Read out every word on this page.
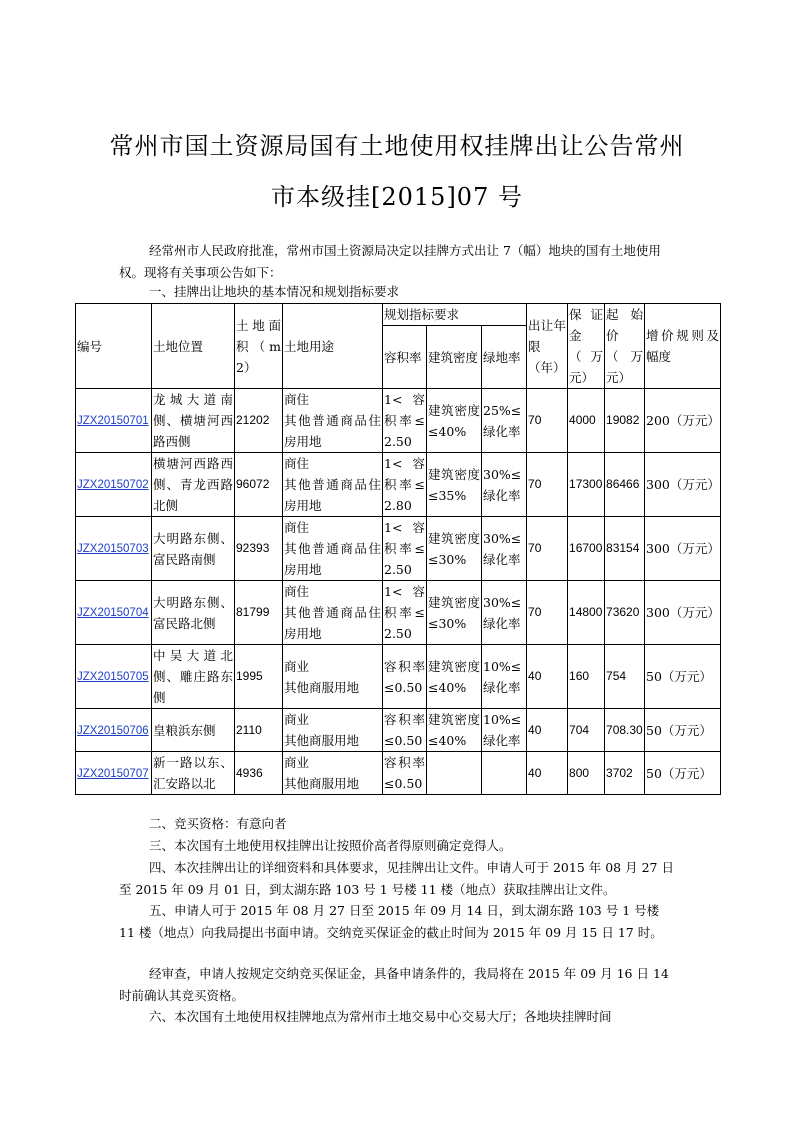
常州市国土资源局国有土地使用权挂牌出让公告常州
市本级挂[2015]07 号
经常州市人民政府批准，常州市国土资源局决定以挂牌方式出让 7（幅）地块的国有土地使用权。现将有关事项公告如下：
一、挂牌出让地块的基本情况和规划指标要求
编号	土地位置	土地面积（m2）	土地用途	规划指标要求			出让年限（年）	保证金（万元）	起始价（万元）	增价规则及幅度
				容积率	建筑密度	绿地率				
JZX20150701	龙城大道南侧、横塘河西路西侧	21202	商住
其他普通商品住房用地	1<容积率≤2.50	建筑密度≤40%	25%≤绿化率	70	4000	19082	200（万元）
JZX20150702	横塘河西路西侧、青龙西路北侧	96072	商住
其他普通商品住房用地	1<容积率≤2.80	建筑密度≤35%	30%≤绿化率	70	17300	86466	300（万元）
JZX20150703	大明路东侧、富民路南侧	92393	商住
其他普通商品住房用地	1<容积率≤2.50	建筑密度≤30%	30%≤绿化率	70	16700	83154	300（万元）
JZX20150704	大明路东侧、富民路北侧	81799	商住
其他普通商品住房用地	1<容积率≤2.50	建筑密度≤30%	30%≤绿化率	70	14800	73620	300（万元）
JZX20150705	中吴大道北侧、雕庄路东侧	1995	商业
其他商服用地	容积率≤0.50	建筑密度≤40%	10%≤绿化率	40	160	754	50（万元）
JZX20150706	皇粮浜东侧	2110	商业
其他商服用地	容积率≤0.50	建筑密度≤40%	10%≤绿化率	40	704	708.30	50（万元）
JZX20150707	新一路以东、汇安路以北	4936	商业
其他商服用地	容积率≤0.50			40	800	3702	50（万元）
二、竞买资格：有意向者
三、本次国有土地使用权挂牌出让按照价高者得原则确定竞得人。
四、本次挂牌出让的详细资料和具体要求，见挂牌出让文件。申请人可于 2015 年 08 月 27 日至 2015 年 09 月 01 日，到太湖东路 103 号 1 号楼 11 楼（地点）获取挂牌出让文件。
五、申请人可于 2015 年 08 月 27 日至 2015 年 09 月 14 日，到太湖东路 103 号 1 号楼 11 楼（地点）向我局提出书面申请。交纳竞买保证金的截止时间为 2015 年 09 月 15 日 17 时。
经审查，申请人按规定交纳竞买保证金，具备申请条件的，我局将在 2015 年 09 月 16 日 14 时前确认其竞买资格。
六、本次国有土地使用权挂牌地点为常州市土地交易中心交易大厅；各地块挂牌时间
